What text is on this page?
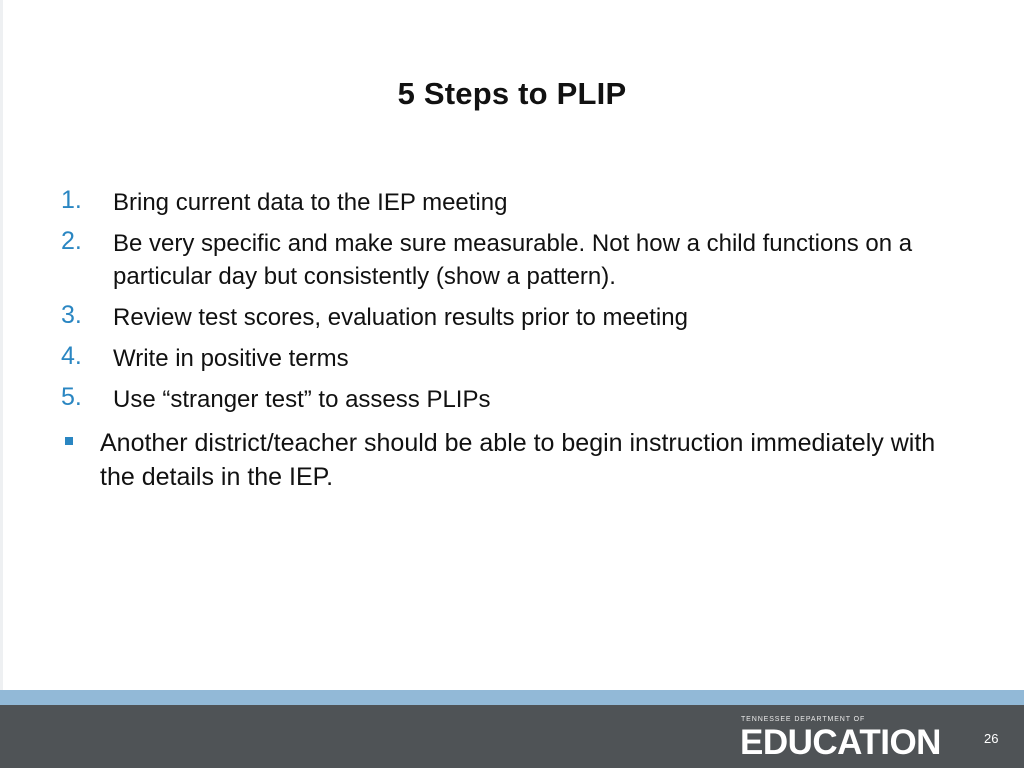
5 Steps to PLIP
1. Bring current data to the IEP meeting
2. Be very specific and make sure measurable. Not how a child functions on a particular day but consistently (show a pattern).
3. Review test scores, evaluation results prior to meeting
4. Write in positive terms
5. Use “stranger test” to assess PLIPs
Another district/teacher should be able to begin instruction immediately with the details in the IEP.
TENNESSEE DEPARTMENT OF
EDUCATION	26
